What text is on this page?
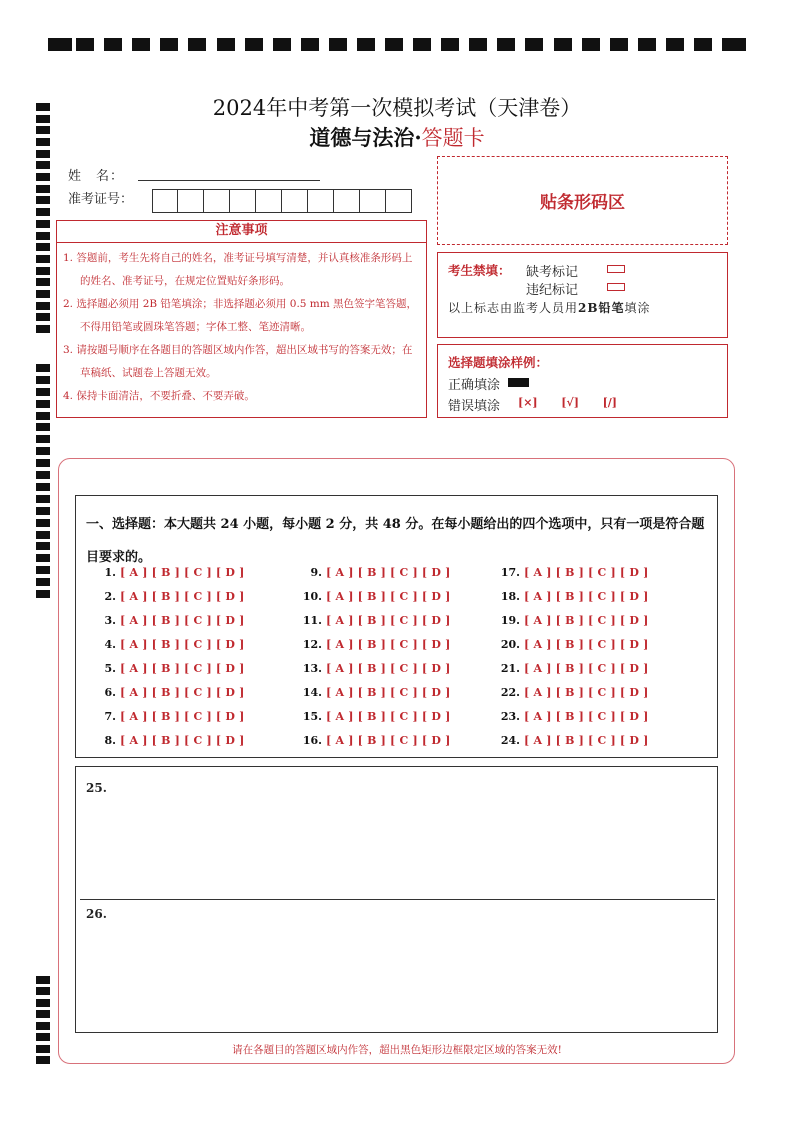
2024年中考第一次模拟考试（天津卷）
道德与法治·答题卡
姓　名：
准考证号：	贴条形码区
注意事项
1. 答题前，考生先将自己的姓名，准考证号填写清楚，并认真核准条形码上的姓名、准考证号，在规定位置贴好条形码。
2. 选择题必须用 2B 铅笔填涂；非选择题必须用 0.5 mm 黑色签字笔答题，不得用铅笔或圆珠笔答题；字体工整、笔迹清晰。
3. 请按题号顺序在各题目的答题区域内作答，超出区域书写的答案无效；在草稿纸、试题卷上答题无效。
4. 保持卡面清洁，不要折叠、不要弄破。
考生禁填： 缺考标记
违纪标记
以上标志由监考人员用2B铅笔填涂
选择题填涂样例：
正确填涂
错误填涂 [×]  [√]  [/]
一、选择题：本大题共 24 小题，每小题 2 分，共 48 分。在每小题给出的四个选项中，只有一项是符合题目要求的。
1. [ A ] [ B ] [ C ] [ D ]
2. [ A ] [ B ] [ C ] [ D ]
3. [ A ] [ B ] [ C ] [ D ]
4. [ A ] [ B ] [ C ] [ D ]
5. [ A ] [ B ] [ C ] [ D ]
6. [ A ] [ B ] [ C ] [ D ]
7. [ A ] [ B ] [ C ] [ D ]
8. [ A ] [ B ] [ C ] [ D ]
9. [ A ] [ B ] [ C ] [ D ]
10. [ A ] [ B ] [ C ] [ D ]
11. [ A ] [ B ] [ C ] [ D ]
12. [ A ] [ B ] [ C ] [ D ]
13. [ A ] [ B ] [ C ] [ D ]
14. [ A ] [ B ] [ C ] [ D ]
15. [ A ] [ B ] [ C ] [ D ]
16. [ A ] [ B ] [ C ] [ D ]
17. [ A ] [ B ] [ C ] [ D ]
18. [ A ] [ B ] [ C ] [ D ]
19. [ A ] [ B ] [ C ] [ D ]
20. [ A ] [ B ] [ C ] [ D ]
21. [ A ] [ B ] [ C ] [ D ]
22. [ A ] [ B ] [ C ] [ D ]
23. [ A ] [ B ] [ C ] [ D ]
24. [ A ] [ B ] [ C ] [ D ]
25.
26.
请在各题目的答题区域内作答，超出黑色矩形边框限定区域的答案无效!
